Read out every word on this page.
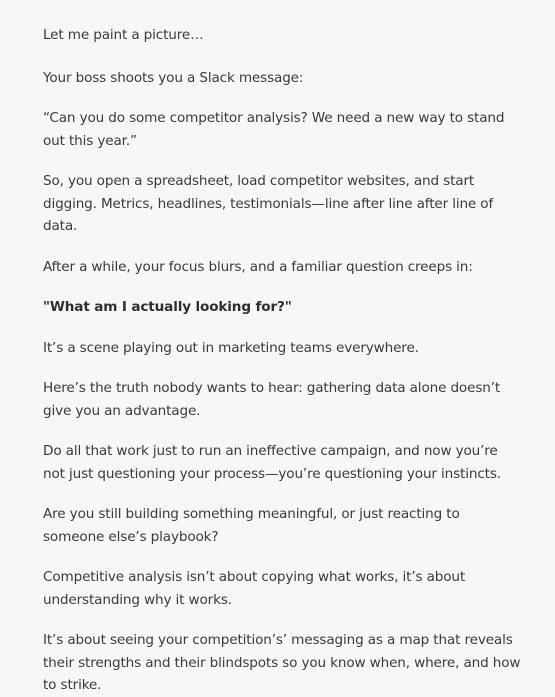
Let me paint a picture…

Your boss shoots you a Slack message:

“Can you do some competitor analysis? We need a new way to stand out this year.”

So, you open a spreadsheet, load competitor websites, and start digging. Metrics, headlines, testimonials—line after line after line of data.

After a while, your focus blurs, and a familiar question creeps in:

"What am I actually looking for?"

It’s a scene playing out in marketing teams everywhere.

Here’s the truth nobody wants to hear: gathering data alone doesn’t give you an advantage.

Do all that work just to run an ineffective campaign, and now you’re not just questioning your process—you’re questioning your instincts.

Are you still building something meaningful, or just reacting to someone else’s playbook?

Competitive analysis isn’t about copying what works, it’s about understanding why it works.

It’s about seeing your competition’s’ messaging as a map that reveals their strengths and their blindspots so you know when, where, and how to strike.
